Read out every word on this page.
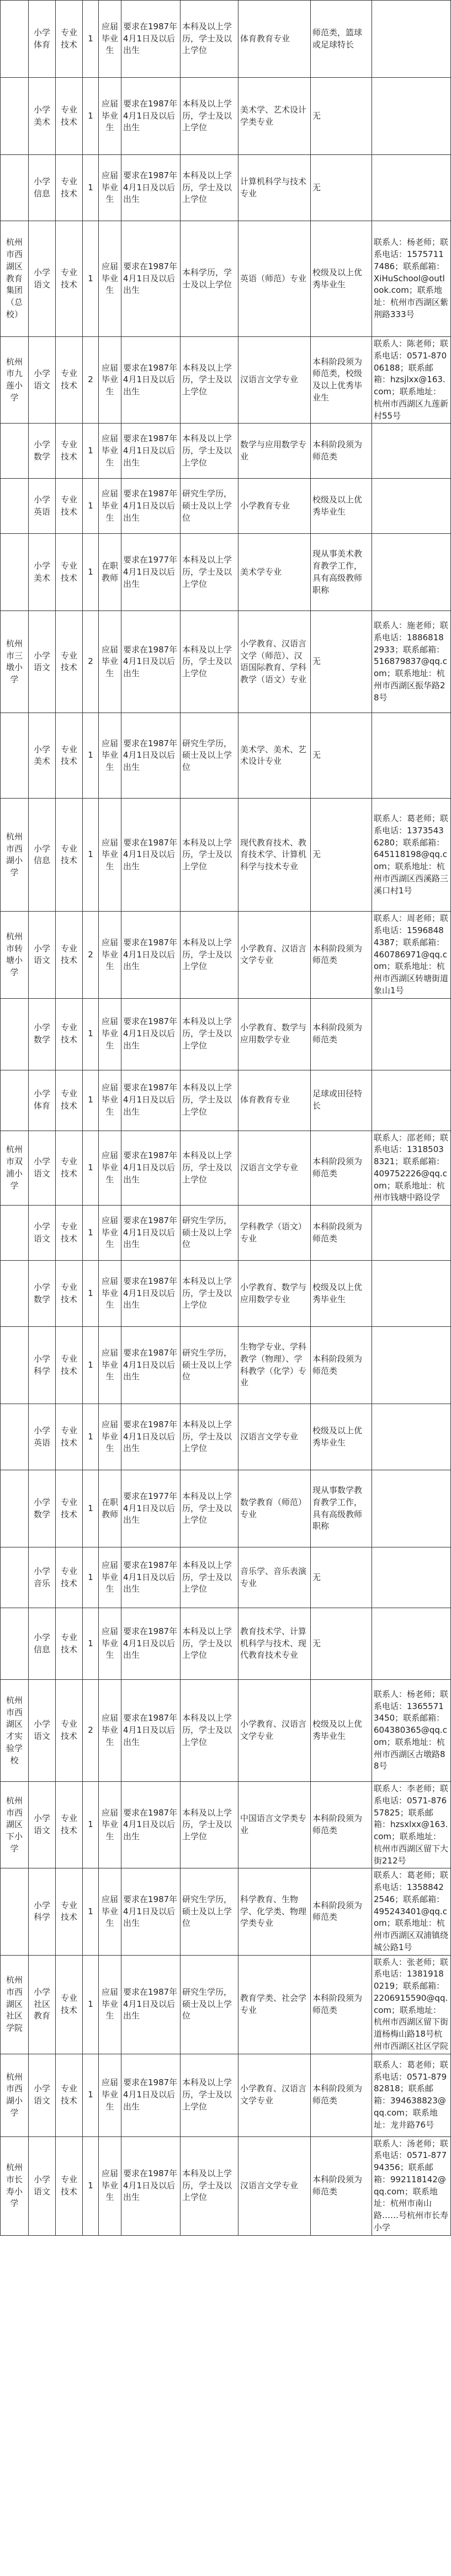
	小学体育	专业技术	1	应届毕业生	要求在1987年4月1日及以后出生	本科及以上学历，学士及以上学位	体育教育专业	师范类，篮球或足球特长	
	小学美术	专业技术	1	应届毕业生	要求在1987年4月1日及以后出生	本科及以上学历，学士及以上学位	美术学、艺术设计学类专业	无	
	小学信息	专业技术	1	应届毕业生	要求在1987年4月1日及以后出生	本科及以上学历，学士及以上学位	计算机科学与技术专业	无	
杭州市西湖区教育集团（总校）	小学语文	专业技术	1	应届毕业生	要求在1987年4月1日及以后出生	本科学历，学士及以上学位	英语（师范）专业	校级及以上优秀毕业生	联系人：杨老师；联系电话：15757117486；联系邮箱：XiHuSchool@outlook.com；联系地址：杭州市西湖区紫荆路333号
杭州市九莲小学	小学语文	专业技术	2	应届毕业生	要求在1987年4月1日及以后出生	本科及以上学历，学士及以上学位	汉语言文学专业	本科阶段须为师范类，校级及以上优秀毕业生	联系人：陈老师；联系电话：0571-87006188；联系邮箱：hzsjlxx@163.com；联系地址：杭州市西湖区九莲新村55号
	小学数学	专业技术	1	应届毕业生	要求在1987年4月1日及以后出生	本科及以上学历，学士及以上学位	数学与应用数学专业	本科阶段须为师范类	
	小学英语	专业技术	1	应届毕业生	要求在1987年4月1日及以后出生	研究生学历，硕士及以上学位	小学教育专业	校级及以上优秀毕业生	
	小学美术	专业技术	1	在职教师	要求在1977年4月1日及以后出生	本科及以上学历，学士及以上学位	美术学专业	现从事美术教育教学工作，具有高级教师职称	
杭州市三墩小学	小学语文	专业技术	2	应届毕业生	要求在1987年4月1日及以后出生	本科及以上学历，学士及以上学位	小学教育、汉语言文学（师范）、汉语国际教育、学科教学（语文）专业	无	联系人：施老师；联系电话：18868182933；联系邮箱：516879837@qq.com；联系地址：杭州市西湖区振华路28号
	小学美术	专业技术	1	应届毕业生	要求在1987年4月1日及以后出生	研究生学历，硕士及以上学位	美术学、美术、艺术设计专业	无	
杭州市西湖小学	小学信息	专业技术	1	应届毕业生	要求在1987年4月1日及以后出生	本科及以上学历，学士及以上学位	现代教育技术、教育技术学、计算机科学与技术专业	无	联系人：葛老师；联系电话：13735436280；联系邮箱：645118198@qq.com；联系地址：杭州市西湖区西溪路三溪口村1号
杭州市转塘小学	小学语文	专业技术	2	应届毕业生	要求在1987年4月1日及以后出生	本科及以上学历，学士及以上学位	小学教育、汉语言文学专业	本科阶段须为师范类	联系人：周老师；联系电话：15968484387；联系邮箱：460786971@qq.com；联系地址：杭州市西湖区转塘街道象山1号
	小学数学	专业技术	1	应届毕业生	要求在1987年4月1日及以后出生	本科及以上学历，学士及以上学位	小学教育、数学与应用数学专业	本科阶段须为师范类	
	小学体育	专业技术	1	应届毕业生	要求在1987年4月1日及以后出生	本科及以上学历，学士及以上学位	体育教育专业	足球或田径特长	
杭州市双浦小学	小学语文	专业技术	1	应届毕业生	要求在1987年4月1日及以后出生	本科及以上学历，学士及以上学位	汉语言文学专业	本科阶段须为师范类	联系人：邵老师；联系电话：13185038321；联系邮箱：409752226@qq.com；联系地址：杭州市钱塘中路设学
	小学语文	专业技术	1	应届毕业生	要求在1987年4月1日及以后出生	研究生学历，硕士及以上学位	学科教学（语文）专业	本科阶段须为师范类	
	小学数学	专业技术	1	应届毕业生	要求在1987年4月1日及以后出生	本科及以上学历，学士及以上学位	小学教育、数学与应用数学专业	校级及以上优秀毕业生	
	小学科学	专业技术	1	应届毕业生	要求在1987年4月1日及以后出生	研究生学历，硕士及以上学位	生物学专业、学科教学（物理）、学科教学（化学）专业	本科阶段须为师范类	
	小学英语	专业技术	1	应届毕业生	要求在1987年4月1日及以后出生	本科及以上学历，学士及以上学位	汉语言文学专业	校级及以上优秀毕业生	
	小学数学	专业技术	1	在职教师	要求在1977年4月1日及以后出生	本科及以上学历，学士及以上学位	数学教育（师范）专业	现从事数学教育教学工作，具有高级教师职称	
	小学音乐	专业技术	1	应届毕业生	要求在1987年4月1日及以后出生	本科及以上学历，学士及以上学位	音乐学、音乐表演专业	无	
	小学信息	专业技术	1	应届毕业生	要求在1987年4月1日及以后出生	本科及以上学历，学士及以上学位	教育技术学、计算机科学与技术、现代教育技术专业	无	
杭州市西湖区才实验学校	小学语文	专业技术	2	应届毕业生	要求在1987年4月1日及以后出生	本科及以上学历，学士及以上学位	小学教育、汉语言文学专业	校级及以上优秀毕业生	联系人：杨老师；联系电话：13655713450；联系邮箱：604380365@qq.com；联系地址：杭州市西湖区古墩路88号
杭州市西湖区下小学	小学语文	专业技术	1	应届毕业生	要求在1987年4月1日及以后出生	本科及以上学历，学士及以上学位	中国语言文学类专业	本科阶段须为师范类	联系人：李老师；联系电话：0571-87657825；联系邮箱：hzsxlxx@163.com；联系地址：杭州市西湖区留下大街212号
	小学科学	专业技术	1	应届毕业生	要求在1987年4月1日及以后出生	研究生学历，硕士及以上学位	科学教育、生物学、化学类、物理学类专业	本科阶段须为师范类	联系人：葛老师；联系电话：13588422546；联系邮箱：495243401@qq.com；联系地址：杭州市西湖区双浦镇绕城公路1号
杭州市西湖区社区学院	小学社区教育	专业技术	1	应届毕业生	要求在1987年4月1日及以后出生	研究生学历，硕士及以上学位	教育学类、社会学专业	本科阶段须为师范类	联系人：张老师；联系电话：13819180219；联系邮箱：2206915590@qq.com；联系地址：杭州市西湖区留下街道杨梅山路18号杭州市西湖区社区学院
杭州市西湖小学	小学语文	专业技术	1	应届毕业生	要求在1987年4月1日及以后出生	本科及以上学历，学士及以上学位	小学教育、汉语言文学专业	本科阶段须为师范类	联系人：葛老师；联系电话：0571-87982818；联系邮箱：394638823@qq.com；联系地址：龙井路76号
杭州市长寿小学	小学语文	专业技术	1	应届毕业生	要求在1987年4月1日及以后出生	本科及以上学历，学士及以上学位	汉语言文学专业	本科阶段须为师范类	联系人：汤老师；联系电话：0571-87794356；联系邮箱：992118142@qq.com；联系地址：杭州市南山路……号杭州市长寿小学
